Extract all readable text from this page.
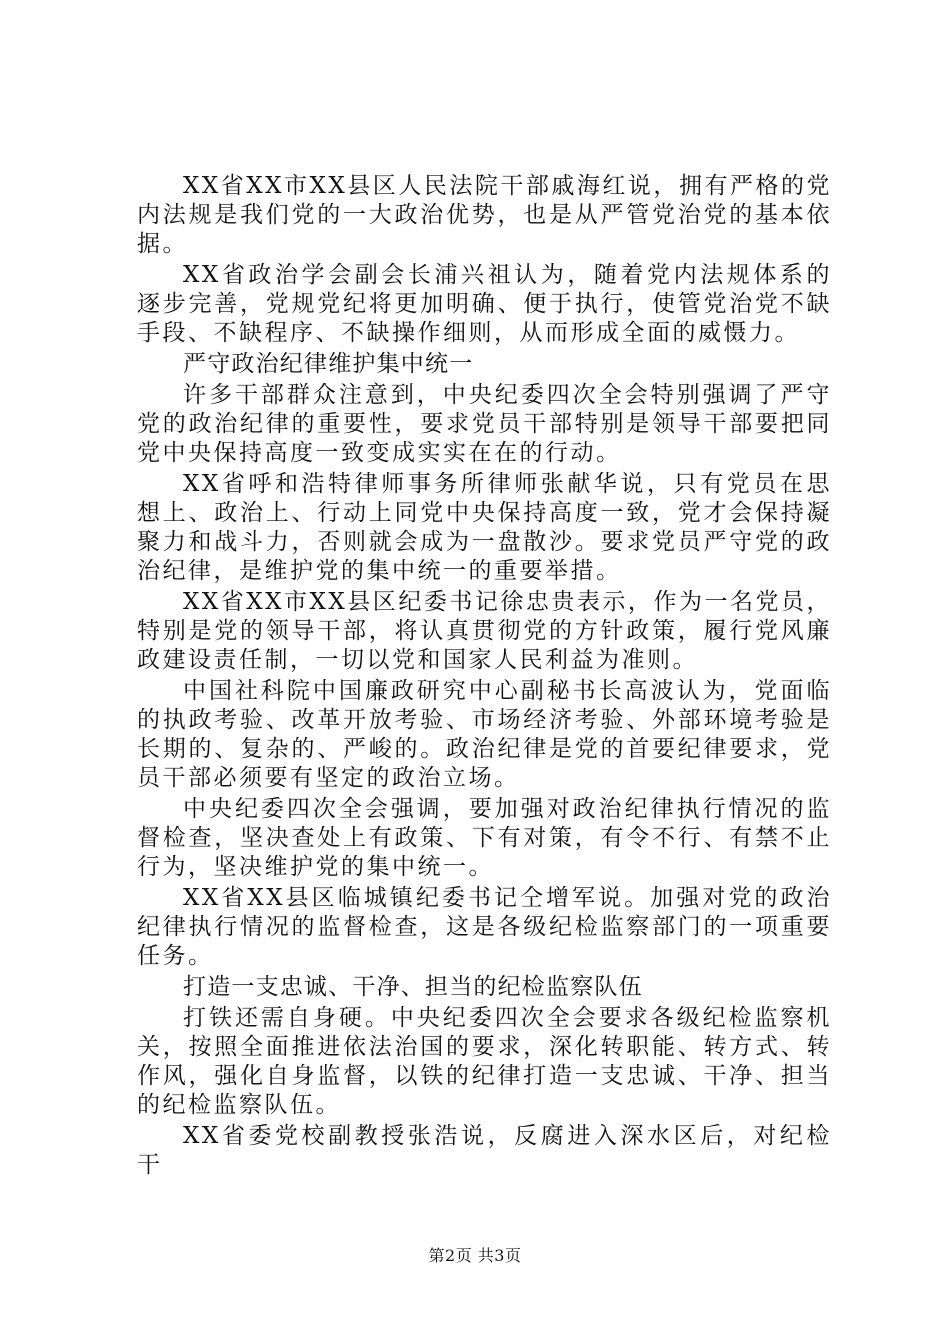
XX省XX市XX县区人民法院干部戚海红说，拥有严格的党内法规是我们党的一大政治优势，也是从严管党治党的基本依据。

XX省政治学会副会长浦兴祖认为，随着党内法规体系的逐步完善，党规党纪将更加明确、便于执行，使管党治党不缺手段、不缺程序、不缺操作细则，从而形成全面的威慑力。

严守政治纪律维护集中统一

许多干部群众注意到，中央纪委四次全会特别强调了严守党的政治纪律的重要性，要求党员干部特别是领导干部要把同党中央保持高度一致变成实实在在的行动。

XX省呼和浩特律师事务所律师张献华说，只有党员在思想上、政治上、行动上同党中央保持高度一致，党才会保持凝聚力和战斗力，否则就会成为一盘散沙。要求党员严守党的政治纪律，是维护党的集中统一的重要举措。

XX省XX市XX县区纪委书记徐忠贵表示，作为一名党员，特别是党的领导干部，将认真贯彻党的方针政策，履行党风廉政建设责任制，一切以党和国家人民利益为准则。

中国社科院中国廉政研究中心副秘书长高波认为，党面临的执政考验、改革开放考验、市场经济考验、外部环境考验是长期的、复杂的、严峻的。政治纪律是党的首要纪律要求，党员干部必须要有坚定的政治立场。

中央纪委四次全会强调，要加强对政治纪律执行情况的监督检查，坚决查处上有政策、下有对策，有令不行、有禁不止行为，坚决维护党的集中统一。

XX省XX县区临城镇纪委书记仝增军说。加强对党的政治纪律执行情况的监督检查，这是各级纪检监察部门的一项重要任务。

打造一支忠诚、干净、担当的纪检监察队伍

打铁还需自身硬。中央纪委四次全会要求各级纪检监察机关，按照全面推进依法治国的要求，深化转职能、转方式、转作风，强化自身监督，以铁的纪律打造一支忠诚、干净、担当的纪检监察队伍。

XX省委党校副教授张浩说，反腐进入深水区后，对纪检干

第2页 共3页
